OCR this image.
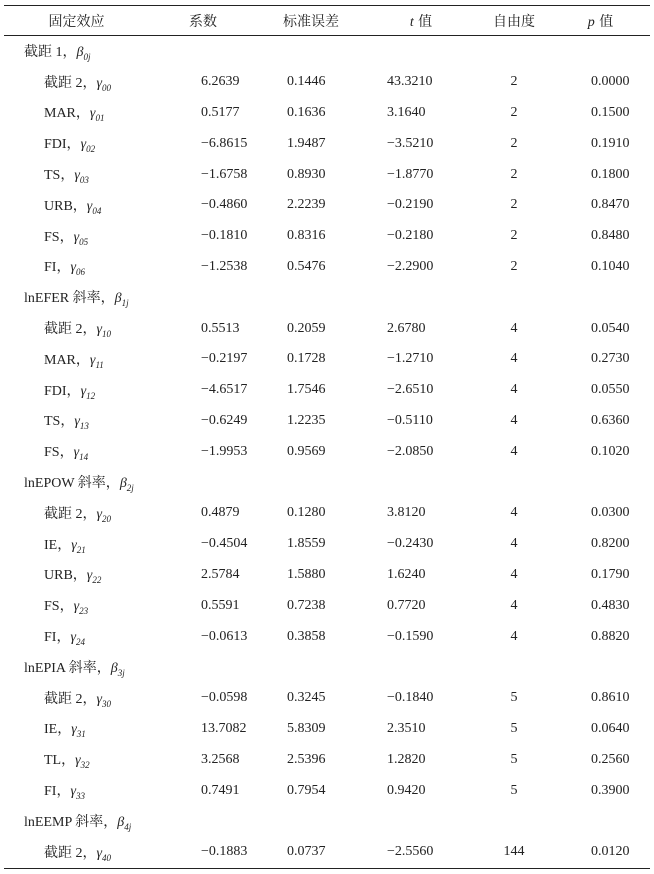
固定效应	系数	标准误差	t 值	自由度	p 值
截距 1，$\beta_{0j}$	
截距 2，$\gamma_{00}$	6.2639	0.1446	43.3210	2	0.0000
MAR，$\gamma_{01}$	0.5177	0.1636	3.1640	2	0.1500
FDI，$\gamma_{02}$	−6.8615	1.9487	−3.5210	2	0.1910
TS，$\gamma_{03}$	−1.6758	0.8930	−1.8770	2	0.1800
URB，$\gamma_{04}$	−0.4860	2.2239	−0.2190	2	0.8470
FS，$\gamma_{05}$	−0.1810	0.8316	−0.2180	2	0.8480
FI，$\gamma_{06}$	−1.2538	0.5476	−2.2900	2	0.1040
lnEFER 斜率，$\beta_{1j}$	
截距 2，$\gamma_{10}$	0.5513	0.2059	2.6780	4	0.0540
MAR，$\gamma_{11}$	−0.2197	0.1728	−1.2710	4	0.2730
FDI，$\gamma_{12}$	−4.6517	1.7546	−2.6510	4	0.0550
TS，$\gamma_{13}$	−0.6249	1.2235	−0.5110	4	0.6360
FS，$\gamma_{14}$	−1.9953	0.9569	−2.0850	4	0.1020
lnEPOW 斜率，$\beta_{2j}$	
截距 2，$\gamma_{20}$	0.4879	0.1280	3.8120	4	0.0300
IE，$\gamma_{21}$	−0.4504	1.8559	−0.2430	4	0.8200
URB，$\gamma_{22}$	2.5784	1.5880	1.6240	4	0.1790
FS，$\gamma_{23}$	0.5591	0.7238	0.7720	4	0.4830
FI，$\gamma_{24}$	−0.0613	0.3858	−0.1590	4	0.8820
lnEPIA 斜率，$\beta_{3j}$	
截距 2，$\gamma_{30}$	−0.0598	0.3245	−0.1840	5	0.8610
IE，$\gamma_{31}$	13.7082	5.8309	2.3510	5	0.0640
TL，$\gamma_{32}$	3.2568	2.5396	1.2820	5	0.2560
FI，$\gamma_{33}$	0.7491	0.7954	0.9420	5	0.3900
lnEEMP 斜率，$\beta_{4j}$	
截距 2，$\gamma_{40}$	−0.1883	0.0737	−2.5560	144	0.0120
